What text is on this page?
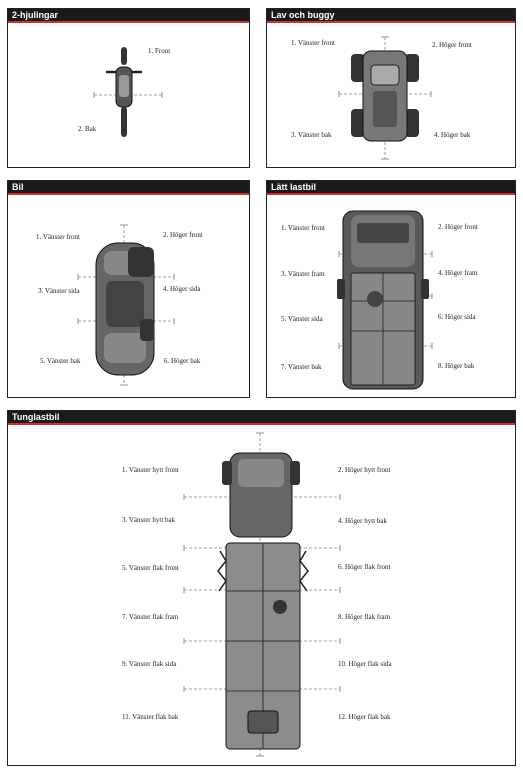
2-hjulingar
1. Front
2. Bak
Lav och buggy
1. Vänster front	2. Höger front
3. Vänster bak	4. Höger bak
Bil
1. Vänster front	2. Höger front
3. Vänster sida	4. Höger sida
5. Vänster bak	6. Höger bak
Lätt lastbil
1. Vänster front	2. Höger front
3. Vänster fram	4. Höger fram
5. Vänster sida	6. Höger sida
7. Vänster bak	8. Höger bak
Tunglastbil
1. Vänster hytt front	2. Höger hytt front
3. Vänster hytt bak	4. Höger hytt bak
5. Vänster flak front	6. Höger flak front
7. Vänster flak fram	8. Höger flak fram
9. Vänster flak sida	10. Höger flak sida
11. Vänster flak bak	12. Höger flak bak
